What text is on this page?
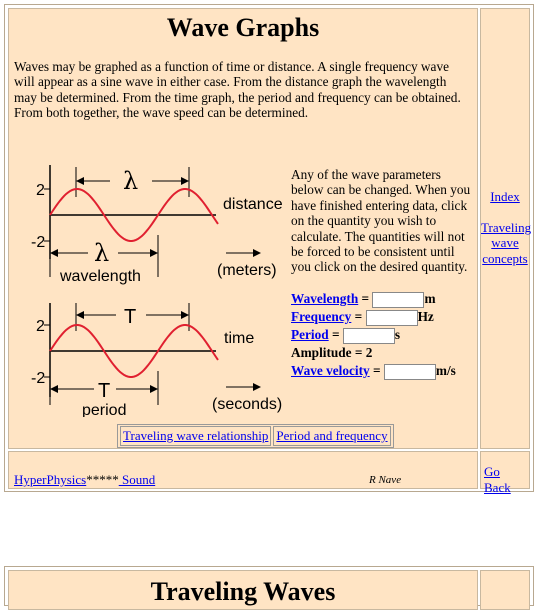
Wave Graphs
Waves may be graphed as a function of time or distance. A single frequency wave will appear as a sine wave in either case. From the distance graph the wavelength may be determined. From the time graph, the period and frequency can be obtained. From both together, the wave speed can be determined.
2
-2
λ
λ
distance
wavelength	(meters)
2
-2
T
T
time
period	(seconds)
Any of the wave parameters below can be changed. When you have finished entering data, click on the quantity you wish to calculate. The quantities will not be forced to be consistent until you click on the desired quantity.
Wavelength =	m
Frequency =	Hz
Period =	s
Amplitude = 2
Wave velocity =	m/s
Traveling wave relationship Period and frequency
Index
Traveling
wave
concepts
HyperPhysics***** Sound	R Nave
Go Back
Traveling Waves
